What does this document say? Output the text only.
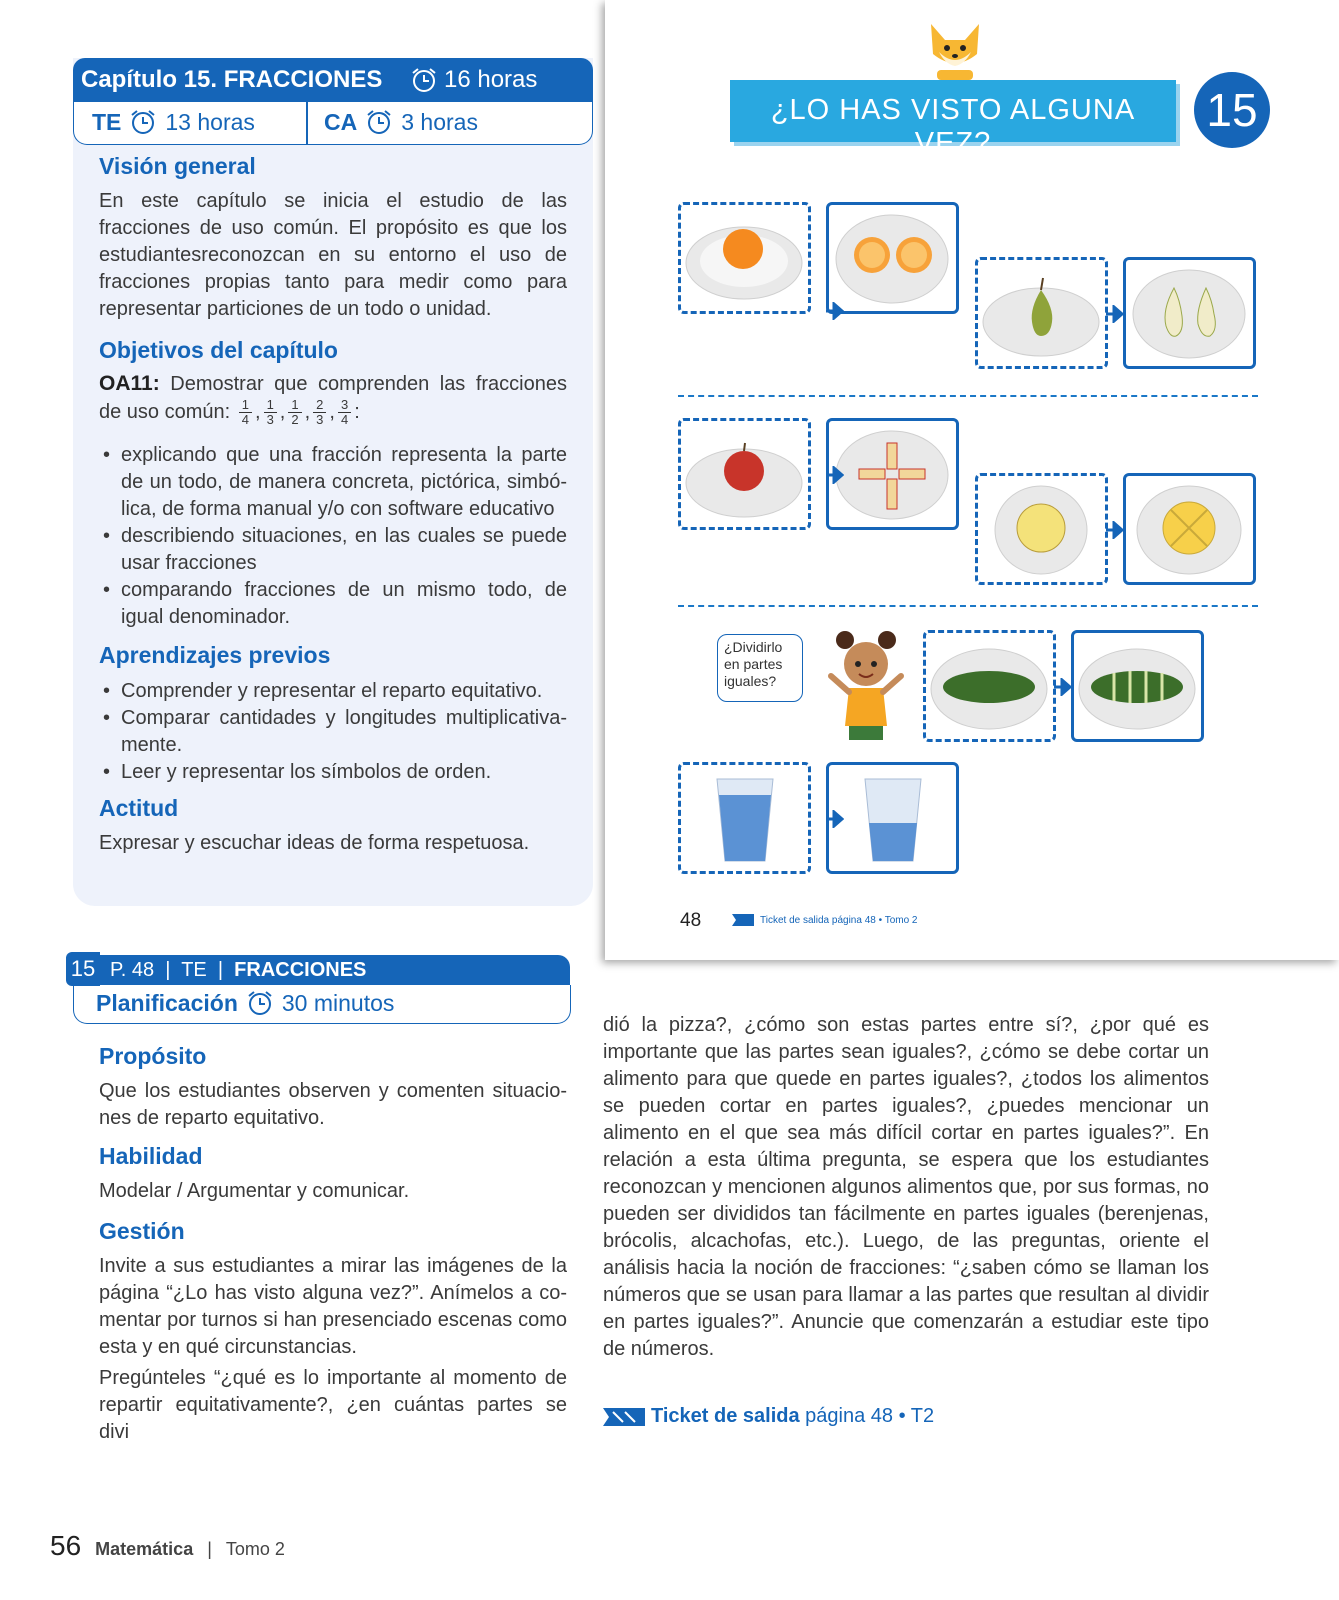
Capítulo 15. FRACCIONES	16 horas
TE 13 horas	CA 3 horas
Visión general
En este capítulo se inicia el estudio de las fracciones de uso común. El propósito es que los estudiantesreconozcan en su entorno el uso de fracciones propias tanto para medir como para representar particiones de un todo o unidad.
Objetivos del capítulo
OA11: Demostrar que comprenden las fracciones de uso común: $\frac{1}{4}$ , $\frac{1}{3}$ , $\frac{1}{2}$ , $\frac{2}{3}$ , $\frac{3}{4}$ :
• explicando que una fracción representa la parte de un todo, de manera concreta, pictórica, simbólica, de forma manual y/o con software educativo
• describiendo situaciones, en las cuales se puede usar fracciones
• comparando fracciones de un mismo todo, de igual denominador.
Aprendizajes previos
• Comprender y representar el reparto equitativo.
• Comparar cantidades y longitudes multiplicativamente.
• Leer y representar los símbolos de orden.
Actitud
Expresar y escuchar ideas de forma respetuosa.
¿LO HAS VISTO ALGUNA VEZ?
15
¿Dividirlo en partes iguales?
48	Ticket de salida página 48 • Tomo 2
15 P. 48  |  TE  |  FRACCIONES
Planificación 30 minutos
Propósito
Que los estudiantes observen y comenten situaciones de reparto equitativo.
Habilidad
Modelar / Argumentar y comunicar.
Gestión
Invite a sus estudiantes a mirar las imágenes de la página “¿Lo has visto alguna vez?”. Anímelos a comentar por turnos si han presenciado escenas como esta y en qué circunstancias.
Pregúnteles “¿qué es lo importante al momento de repartir equitativamente?, ¿en cuántas partes se divi
dió la pizza?, ¿cómo son estas partes entre sí?, ¿por qué es importante que las partes sean iguales?, ¿cómo se debe cortar un alimento para que quede en partes iguales?, ¿todos los alimentos se pueden cortar en partes iguales?, ¿puedes mencionar un alimento en el que sea más difícil cortar en partes iguales?”. En relación a esta última pregunta, se espera que los estudiantes reconozcan y mencionen algunos alimentos que, por sus formas, no pueden ser divididos tan fácilmente en partes iguales (berenjenas, brócolis, alcachofas, etc.). Luego, de las preguntas, oriente el análisis hacia la noción de fracciones: “¿saben cómo se llaman los números que se usan para llamar a las partes que resultan al dividir en partes iguales?”. Anuncie que comenzarán a estudiar este tipo de números.
Ticket de salida página 48 • T2
56 Matemática | Tomo 2
